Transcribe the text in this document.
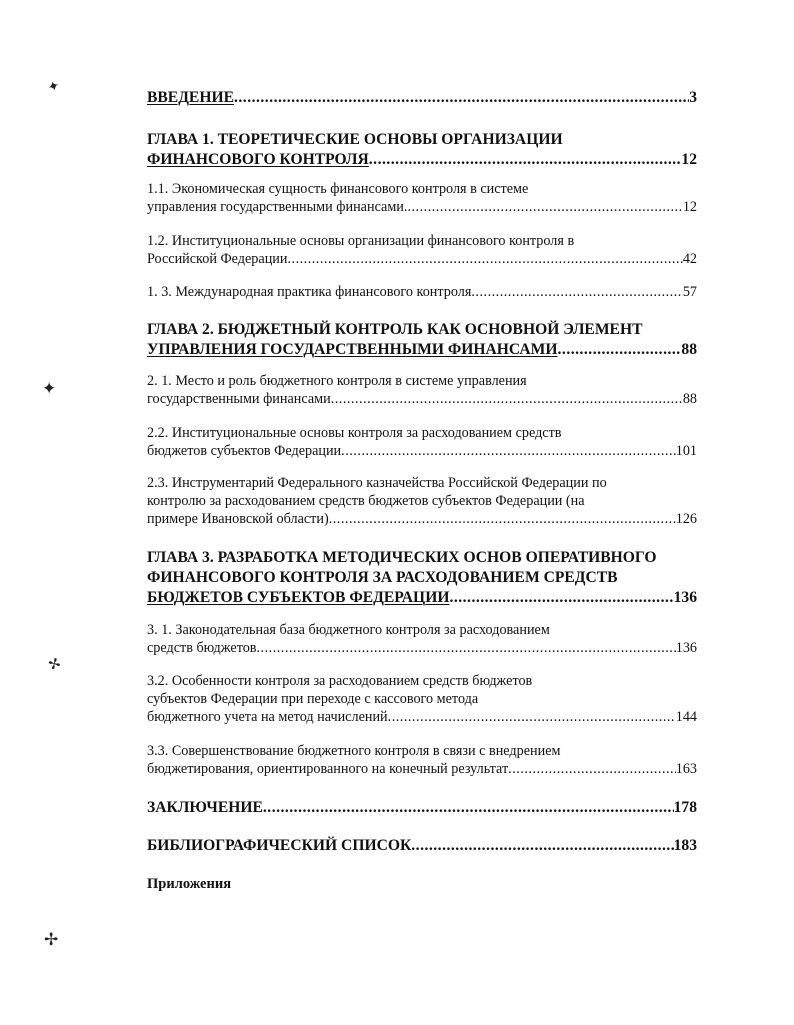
✦
✦
✢
✢
ВВЕДЕНИЕ .....	3
ГЛАВА 1. ТЕОРЕТИЧЕСКИЕ ОСНОВЫ ОРГАНИЗАЦИИ
ФИНАНСОВОГО КОНТРОЛЯ .....	12
1.1. Экономическая сущность финансового контроля в системе
управления государственными финансами. .....	12
1.2. Институциональные основы организации финансового контроля в
Российской Федерации .....	42
1. 3. Международная практика финансового контроля .....	57
ГЛАВА 2. БЮДЖЕТНЫЙ КОНТРОЛЬ КАК ОСНОВНОЙ ЭЛЕМЕНТ
УПРАВЛЕНИЯ ГОСУДАРСТВЕННЫМИ ФИНАНСАМИ .....	88
2. 1. Место и роль бюджетного контроля в системе управления
государственными финансами .....	88
2.2. Институциональные основы контроля за расходованием средств
бюджетов субъектов Федерации .....	101
2.3. Инструментарий Федерального казначейства Российской Федерации по
контролю за расходованием средств бюджетов субъектов Федерации (на
примере Ивановской области) .....	126
ГЛАВА 3. РАЗРАБОТКА МЕТОДИЧЕСКИХ ОСНОВ ОПЕРАТИВНОГО
ФИНАНСОВОГО КОНТРОЛЯ ЗА РАСХОДОВАНИЕМ СРЕДСТВ
БЮДЖЕТОВ СУБЪЕКТОВ ФЕДЕРАЦИИ .....	136
3. 1. Законодательная база бюджетного контроля за расходованием
средств бюджетов .....	136
3.2. Особенности контроля за расходованием средств бюджетов
субъектов Федерации при переходе с кассового метода
бюджетного учета на метод начислений .....	144
3.3. Совершенствование бюджетного контроля в связи с внедрением
бюджетирования, ориентированного на конечный результат .....	163
ЗАКЛЮЧЕНИЕ .....	178
БИБЛИОГРАФИЧЕСКИЙ СПИСОК .....	183
Приложения
